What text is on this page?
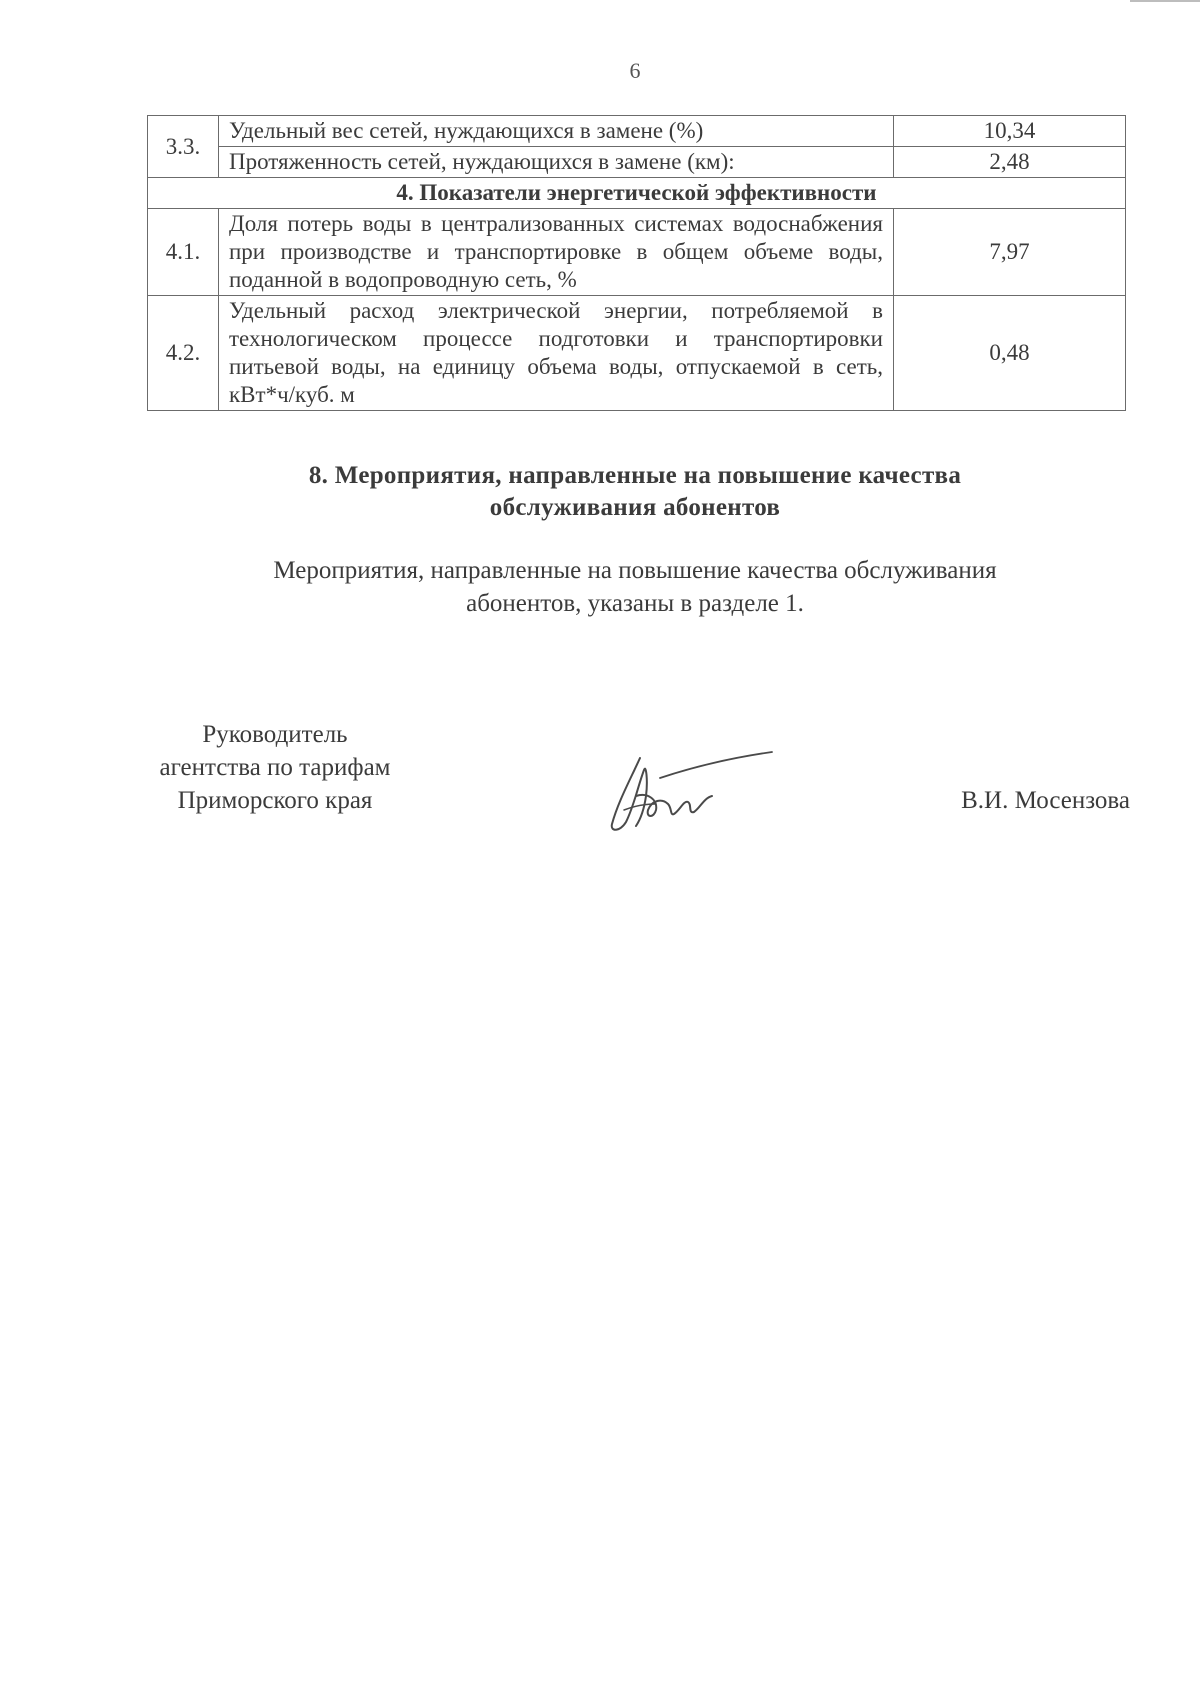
6
3.3.	Удельный вес сетей, нуждающихся в замене (%)	10,34
	Протяженность сетей, нуждающихся в замене (км):	2,48
4. Показатели энергетической эффективности		
4.1.	Доля потерь воды в централизованных системах водоснабжения при производстве и транспортировке в общем объеме воды, поданной в водопроводную сеть, %	7,97
4.2.	Удельный расход электрической энергии, потребляемой в технологическом процессе подготовки и транспортировки питьевой воды, на единицу объема воды, отпускаемой в сеть, кВт*ч/куб. м	0,48
8. Мероприятия, направленные на повышение качества
обслуживания абонентов
Мероприятия, направленные на повышение качества обслуживания
абонентов, указаны в разделе 1.
Руководитель
агентства по тарифам
Приморского края	В.И. Мосензова
